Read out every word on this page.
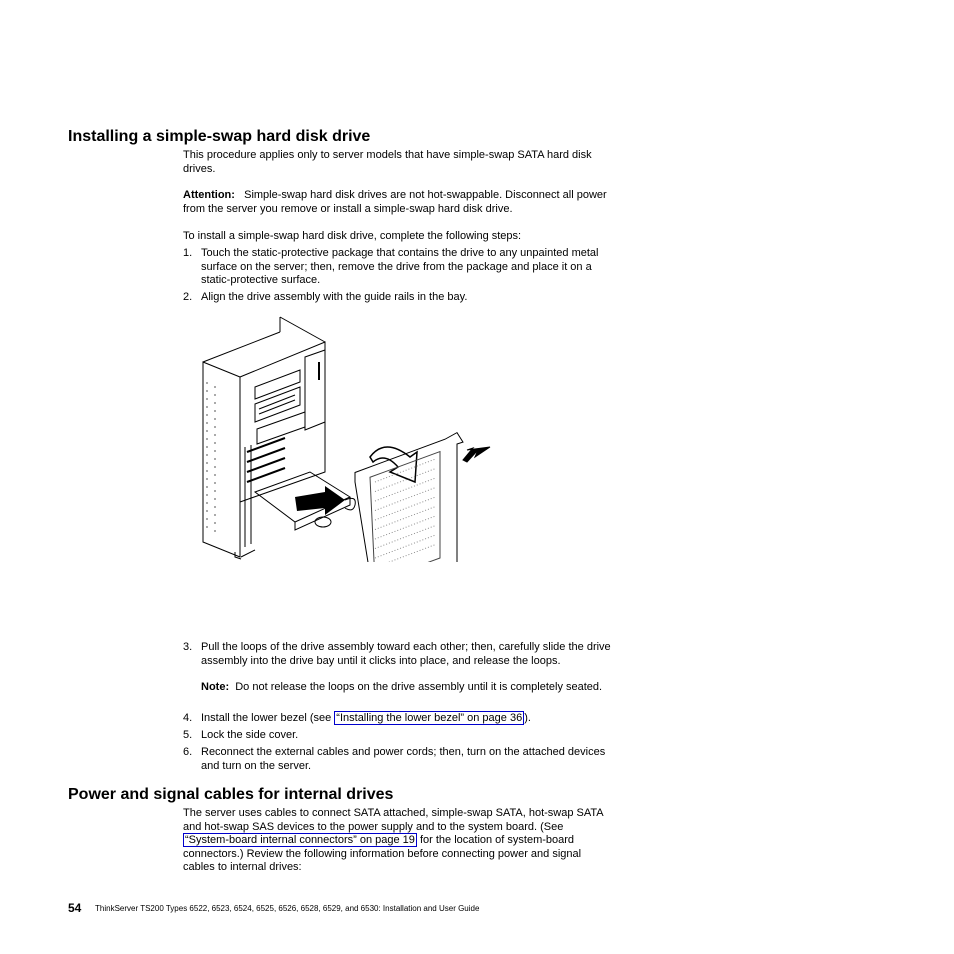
Installing a simple-swap hard disk drive
This procedure applies only to server models that have simple-swap SATA hard disk drives.
Attention: Simple-swap hard disk drives are not hot-swappable. Disconnect all power from the server you remove or install a simple-swap hard disk drive.
To install a simple-swap hard disk drive, complete the following steps:
1. Touch the static-protective package that contains the drive to any unpainted metal surface on the server; then, remove the drive from the package and place it on a static-protective surface.
2. Align the drive assembly with the guide rails in the bay.
3. Pull the loops of the drive assembly toward each other; then, carefully slide the drive assembly into the drive bay until it clicks into place, and release the loops.
Note: Do not release the loops on the drive assembly until it is completely seated.
4. Install the lower bezel (see “Installing the lower bezel” on page 36 ).
5. Lock the side cover.
6. Reconnect the external cables and power cords; then, turn on the attached devices and turn on the server.
Power and signal cables for internal drives
The server uses cables to connect SATA attached, simple-swap SATA, hot-swap SATA and hot-swap SAS devices to the power supply and to the system board. (See “System-board internal connectors” on page 19 for the location of system-board connectors.) Review the following information before connecting power and signal cables to internal drives:
54 ThinkServer TS200 Types 6522, 6523, 6524, 6525, 6526, 6528, 6529, and 6530: Installation and User Guide
